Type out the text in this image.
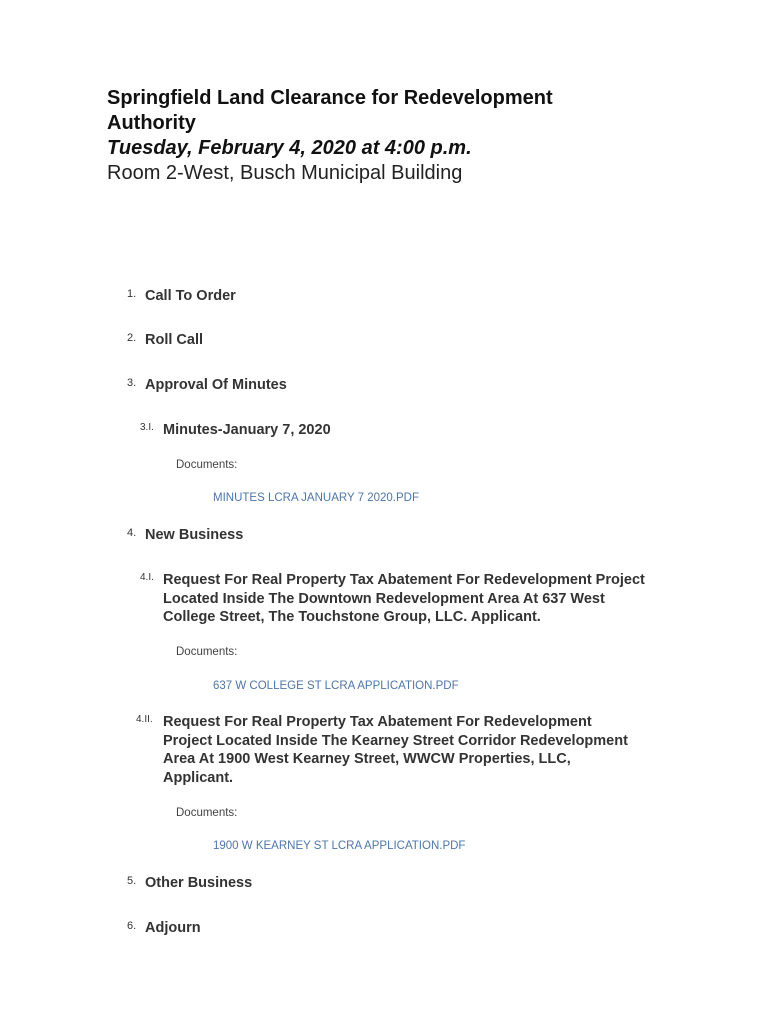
Springfield Land Clearance for Redevelopment Authority
Tuesday, February 4, 2020 at 4:00 p.m.
Room 2-West, Busch Municipal Building
1. Call To Order
2. Roll Call
3. Approval Of Minutes
3.I. Minutes-January 7, 2020
Documents:
MINUTES LCRA JANUARY 7 2020.PDF
4. New Business
4.I. Request For Real Property Tax Abatement For Redevelopment Project Located Inside The Downtown Redevelopment Area At 637 West College Street, The Touchstone Group, LLC. Applicant.
Documents:
637 W COLLEGE ST LCRA APPLICATION.PDF
4.II. Request For Real Property Tax Abatement For Redevelopment Project Located Inside The Kearney Street Corridor Redevelopment Area At 1900 West Kearney Street, WWCW Properties, LLC, Applicant.
Documents:
1900 W KEARNEY ST LCRA APPLICATION.PDF
5. Other Business
6. Adjourn
